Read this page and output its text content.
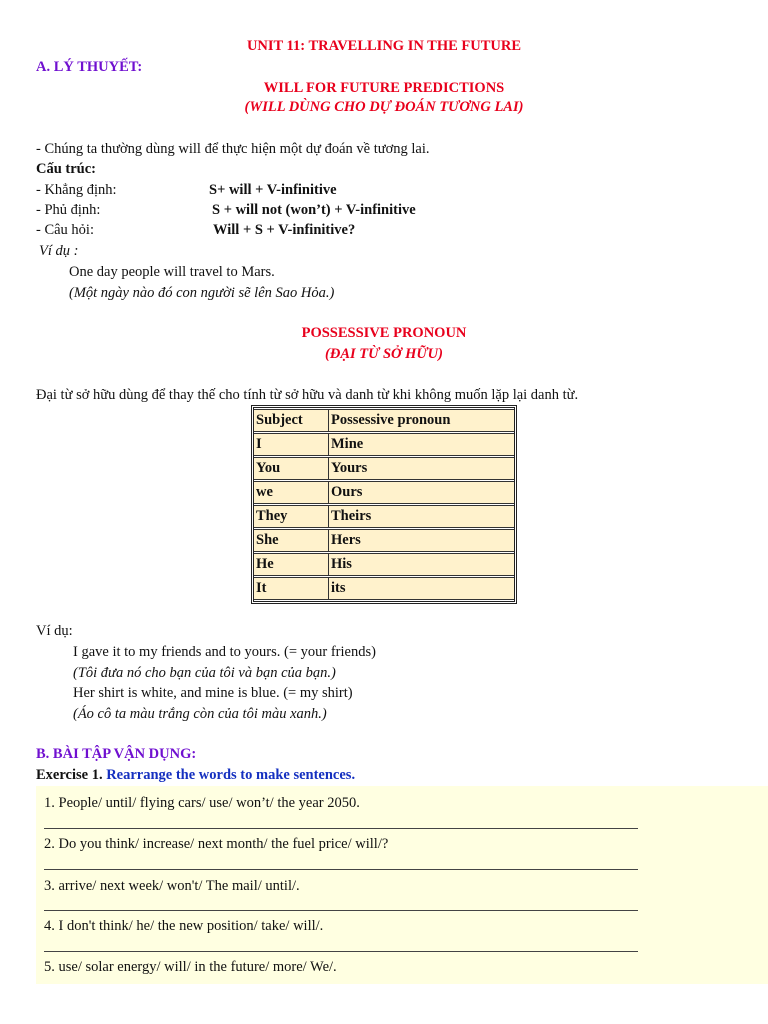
UNIT 11: TRAVELLING IN THE FUTURE
A. LÝ THUYẾT:
WILL FOR FUTURE PREDICTIONS
(WILL DÙNG CHO DỰ ĐOÁN TƯƠNG LAI)
- Chúng ta thường dùng will để thực hiện một dự đoán về tương lai.
Cấu trúc:
- Khẳng định:	S+ will + V-infinitive
- Phủ định:	S + will not (won’t) + V-infinitive
- Câu hỏi:	Will + S + V-infinitive?
Ví dụ :
One day people will travel to Mars.
(Một ngày nào đó con người sẽ lên Sao Hỏa.)
POSSESSIVE PRONOUN
(ĐẠI TỪ SỞ HỮU)
Đại từ sở hữu dùng để thay thế cho tính từ sở hữu và danh từ khi không muốn lặp lại danh từ.
Subject	Possessive pronoun
I	Mine
You	Yours
we	Ours
They	Theirs
She	Hers
He	His
It	its
Ví dụ:
I gave it to my friends and to yours. (= your friends)
(Tôi đưa nó cho bạn của tôi và bạn của bạn.)
Her shirt is white, and mine is blue. (= my shirt)
(Áo cô ta màu trắng còn của tôi màu xanh.)
B. BÀI TẬP VẬN DỤNG:
Exercise 1. Rearrange the words to make sentences.
1. People/ until/ flying cars/ use/ won’t/ the year 2050.
2. Do you think/ increase/ next month/ the fuel price/ will/?
3. arrive/ next week/ won't/ The mail/ until/.
4. I don't think/ he/ the new position/ take/ will/.
5. use/ solar energy/ will/ in the future/ more/ We/.
